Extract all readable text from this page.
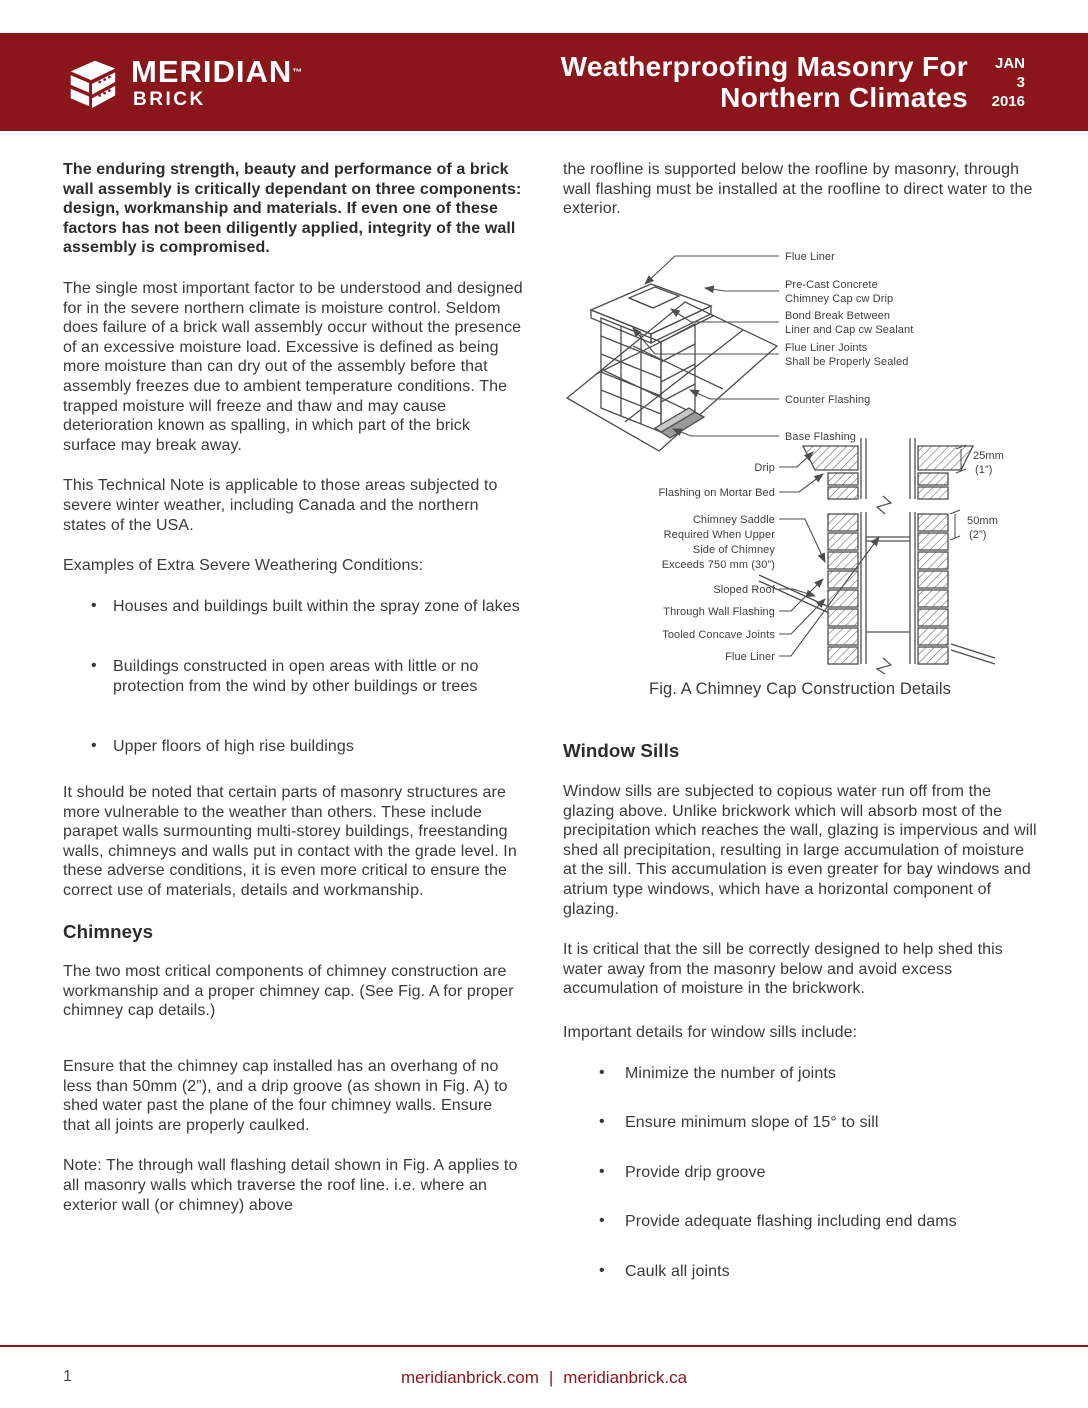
MERIDIAN™
BRICK
Weatherproofing Masonry For
Northern Climates
JAN
3
2016

The enduring strength, beauty and performance of a brick wall assembly is critically dependant on three components: design, workmanship and materials. If even one of these factors has not been diligently applied, integrity of the wall assembly is compromised.

The single most important factor to be understood and designed for in the severe northern climate is moisture control. Seldom does failure of a brick wall assembly occur without the presence of an excessive moisture load. Excessive is defined as being more moisture than can dry out of the assembly before that assembly freezes due to ambient temperature conditions. The trapped moisture will freeze and thaw and may cause deterioration known as spalling, in which part of the brick surface may break away.

This Technical Note is applicable to those areas subjected to severe winter weather, including Canada and the northern states of the USA.

Examples of Extra Severe Weathering Conditions:

• Houses and buildings built within the spray zone of lakes
• Buildings constructed in open areas with little or no protection from the wind by other buildings or trees
• Upper floors of high rise buildings

It should be noted that certain parts of masonry structures are more vulnerable to the weather than others. These include parapet walls surmounting multi-storey buildings, freestanding walls, chimneys and walls put in contact with the grade level. In these adverse conditions, it is even more critical to ensure the correct use of materials, details and workmanship.

Chimneys

The two most critical components of chimney construction are workmanship and a proper chimney cap. (See Fig. A for proper chimney cap details.)

Ensure that the chimney cap installed has an overhang of no less than 50mm (2”), and a drip groove (as shown in Fig. A) to shed water past the plane of the four chimney walls. Ensure that all joints are properly caulked.

Note: The through wall flashing detail shown in Fig. A applies to all masonry walls which traverse the roof line. i.e. where an exterior wall (or chimney) above

the roofline is supported below the roofline by masonry, through wall flashing must be installed at the roofline to direct water to the exterior.

Flue Liner
Pre-Cast Concrete
Chimney Cap cw Drip
Bond Break Between
Liner and Cap cw Sealant
Flue Liner Joints
Shall be Properly Sealed
Counter Flashing
Base Flashing
Drip
Flashing on Mortar Bed
Chimney Saddle
Required When Upper
Side of Chimney
Exceeds 750 mm (30”)
Sloped Roof
Through Wall Flashing
Tooled Concave Joints
Flue Liner
25mm
(1”)
50mm
(2”)
Fig. A Chimney Cap Construction Details
Window Sills

Window sills are subjected to copious water run off from the glazing above. Unlike brickwork which will absorb most of the precipitation which reaches the wall, glazing is impervious and will shed all precipitation, resulting in large accumulation of moisture at the sill. This accumulation is even greater for bay windows and atrium type windows, which have a horizontal component of glazing.

It is critical that the sill be correctly designed to help shed this water away from the masonry below and avoid excess accumulation of moisture in the brickwork.

Important details for window sills include:

• Minimize the number of joints
• Ensure minimum slope of 15° to sill
• Provide drip groove
• Provide adequate flashing including end dams
• Caulk all joints
1	meridianbrick.com | meridianbrick.ca
